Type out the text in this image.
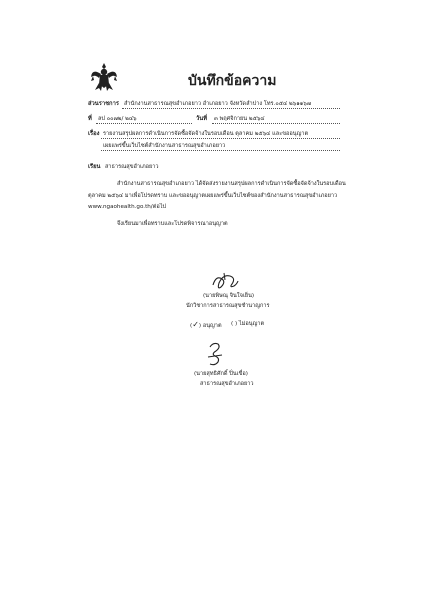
บันทึกข้อความ
ส่วนราชการ สำนักงานสาธารณสุขอำเภอยาว อำเภอยาว จังหวัดลำปาง โทร.๐๕๔ ๒๖๑๑๖๗
ที่ ลป ๐๐๗๒/ ๒๔๖	วันที่ ๓ พฤศจิกายน ๒๕๖๔
เรื่อง รายงานสรุปผลการดำเนินการจัดซื้อจัดจ้างในรอบเดือน ตุลาคม ๒๕๖๔ และขออนุญาต
เผยแพร่ขึ้นเว็บไซต์สำนักงานสาธารณสุขอำเภอยาว
เรียน สาธารณสุขอำเภอยาว
สำนักงานสาธารณสุขอำเภอยาว ได้จัดส่งรายงานสรุปผลการดำเนินการจัดซื้อจัดจ้างในรอบเดือน
ตุลาคม ๒๕๖๔ มาเพื่อโปรดทราบ และขออนุญาตเผยแพร่ขึ้นเว็บไซต์ของสำนักงานสาธารณสุขอำเภอยาว
www.ngaohealth.go.th/ต่อไป
จึงเรียนมาเพื่อทราบและโปรดพิจารณาอนุญาต
(นายพิษณุ จินใจเย็น)
นักวิชาการสาธารณสุขชำนาญการ
(✓) อนุญาต ( ) ไม่อนุญาต
(นายสุทธิศักดิ์ ปิ่นเขื่อ)
สาธารณสุขอำเภอยาว
